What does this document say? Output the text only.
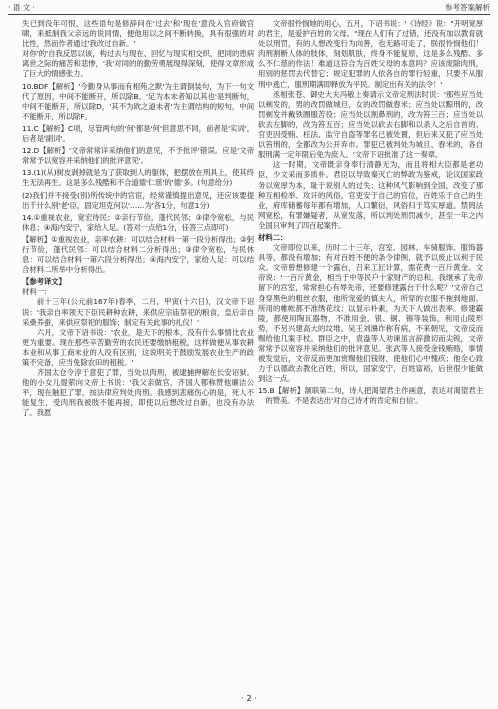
· 语 文 ·	参考答案解析

失已到没年可恨，这些语句是修辞问在'过去'和'现在'意没入官府做官啸，来抵制我父亲远的说同情，便他用以之间不断转换，具有很强的对比性，然而作者通过'我改过自新。'

对你'的'自我反思以该，构过去与现在、回忆与现实相交织，把同的患病离世之际的痛苦和悲惨，'我'对同的的勤劳勇展现得深刻，使得文章形成了巨大的情感张力。

10.BDF【解析】'今勤身从事而有相苑之默'为主谓倒装句，为下一句文代了原因，中间不能断开，所以除B。'足为本末者知以其也'是判断句，中间不能断开，所以除D，'其不为欧之道未者'为主谓结构的短句，中间不能断开，所以除F。

11.C【解析】C项，尽管两句的'何'都是'何'但意思不同，前者是'实词'，后者是'副词'。

12.D【解析】'文帝常常详采纳他们的意见，不予批评'错误。应是'文帝常常予以宽容并采纳他们的批评意见'。

13.(1)(从)树皮剥掉就是为了获取到人的躯体，把摆放在刑具上，使其终生无法再生。这是多么残酷和不合道德'仁慈'的'德'多。(句意给分)

(2)我们并不接受(别)所传统中的官宦，经常谨慎提出意见，还应该要提出千什么别'老'臣，固定坦克何以'……为'各1分，句意1分)

14.①重视农业，宽宏待民；②亲行节俭，蓬代民邻；③律令宽松，与民休息；④海内安宁，家给人足。(答对一点给1分，任答三点即可)

【解析】①重视农业，亲率农耕：可以结合材料一第一段分析得出；②躬行节俭，蓬代民邻：可以结合材料二分析得出；③律令宽松，与民休息：可以结合材料一第六段分析得出；④海内安宁，家给人足：可以结合材料二所举中分析得出。

【参考译文】

材料一：

前十三年(公元前167年)春季，二月，甲寅(十六日)，汉文帝下诏说：'我亲自率领天下臣民耕种农耕，来供应宗庙祭祀的粮食，皇后亲自采桑养蚕，来供应祭祀的服饰；制定有关此事的礼仪！'

六月，文帝下诏书说：'农业，是天下的根本，没有什么事情比农业更为重要。现在那些辛苦勤劳的农民还要缴纳租税，这样做便从事农耕本业和从事工商末业的人没有区别，这说明关于鼓励发展农业生产的政策不完备，应当免除农田的租税。'

齐国太仓令淳于意犯了罪，当处以肉刑，被逮捕押解在长安诏狱。他的小女儿提萦向文帝上书说：'我父亲做官，齐国人都称赞他廉洁公平，现在触犯了罪，按法律应判处肉刑。我感到悲痛伤心的是，死人不能复生，受肉刑我被肢不能再接，即使以后想改过自新，也没有办法了。我愿

文帝很怜悯她的用心，五月，下诏书说：'《诗经》说："开明宽厚的君主，是爱护百姓的父母。"现在人们有了过错，还没有加以教育就处以刑罚，有的人想改变行为向善，也无路可走了，朕很怜悯他们！肉刑割断人体的肢体，刻划肌肤，终身不能复原，这是多么残酷、多么不仁慈的作法！难道这符合为百姓父母的本意吗？应该废除肉刑，用别的惩罚去代替它；规定犯罪的人依各自的罪行轻重，只要不从服刑中逃亡，服刑期满即释放为平民。制定出有关的法令！'

丞相张苍、御史大夫冯敬上奏请示文帝定刑法时说：'那些应当处以剃发的，男的改罚做城旦，女的改罚做舂米；应当处以黥刑的，改罚剃发并戴铁圈服苦役；应当处以割鼻刑的，改为笞三百；应当处以砍去左脚的，改为笞五百；应当处以砍去右脚和以杀人之后自首的、官吏因受贿、枉法、监守自盗等罪名已被处置，但后来又犯了应当处以笞刑的，全都改为公开弃市。罪犯已被判处为城旦、舂米的，各自服刑满一定年限后免为庶人。'文帝下诏批准了这一奏章。

这一时期，文帝既亲身奉行清静无为，而且将相大臣都是老功臣，少文采而多质朴。君臣以导致秦灭亡的弊政为鉴戒，论议国家政务以宽厚为本，耻于说别人的过失；这种风气影响到全国，改变了那种互相检举、攻讦的风俗。官吏安于自己的官位，百姓乐于自己的生业，府库储蓄每年都有增加，人口繁衍，风俗归于笃实厚道。禁罔法网宽松，有罪嫌疑者，从宽发落，所以判处刑罚减少，甚至一年之内全国只审判了四百起案件。

材料二：

文帝即位以来，历时二十三年，宫室、园林、车骑服饰、服饰器具等，都没有增加；有对百姓不便的条令律例，就予以废止以利于民众。文帝曾想修建一个露台，召来工匠计算，需花费一百斤黄金。文帝说：'一百斤黄金，相当于中等民户十家财产的总和。我继承了先帝留下的宫室，常常担心有辱先帝，还要修建露台干什么呢？'文帝自己身穿黑色的粗丝衣服，他所宠爱的慎夫人，所穿的衣服不拖到地面，所用的帷帐都不准绣花纹；以显示朴素，为天下人做出表率。修建霸陵，都使用陶瓦器物，不准用金、银、铜、锡等装饰，利用山陵形势，不另兴建高大的坟堆。吴王刘濞诈称有病，不来朝见，文帝反而赐给他几案手杖。群臣之中，袁盎等人劝谏虽言辞激切而尖锐，文帝常常予以宽容并采纳他们的批评意见。张武等人接受金钱贿赂，事情被发觉后，文帝反而更加赏赐他们钱财，使他们心中愧疚；他全心致力于以德政去教化百姓，所以，国家安宁，百姓富裕，后世很少能做到这一点。

15.B【解析】颔联第二句，诗人把渴望君主作画意，表达对渴望君主的赞美。不是表达出'对自己诗才的肯定和自信'。

· 2 ·
